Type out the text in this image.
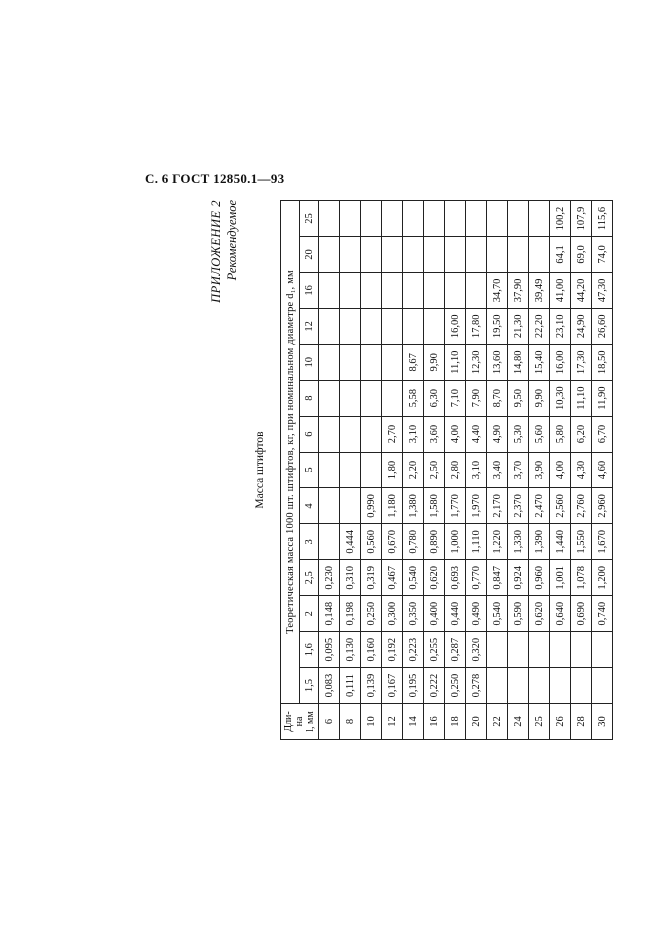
С. 6 ГОСТ 12850.1—93
ПРИЛОЖЕНИЕ 2 Рекомендуемое
Масса штифтов
Дли-
на
l, мм	Теоретическая масса 1000 шт. штифтов, кг, при номинальном диаметре d₁, мм													
	1,5	1,6	2	2,5	3	4	5	6	8	10	12	16	20	25
6	0,083	0,095	0,148	0,230										
8	0,111	0,130	0,198	0,310	0,444									
10	0,139	0,160	0,250	0,319	0,560	0,990								
12	0,167	0,192	0,300	0,467	0,670	1,180	1,80	2,70						
14	0,195	0,223	0,350	0,540	0,780	1,380	2,20	3,10	5,58	8,67				
16	0,222	0,255	0,400	0,620	0,890	1,580	2,50	3,60	6,30	9,90				
18	0,250	0,287	0,440	0,693	1,000	1,770	2,80	4,00	7,10	11,10	16,00			
20	0,278	0,320	0,490	0,770	1,110	1,970	3,10	4,40	7,90	12,30	17,80			
22			0,540	0,847	1,220	2,170	3,40	4,90	8,70	13,60	19,50	34,70		
24			0,590	0,924	1,330	2,370	3,70	5,30	9,50	14,80	21,30	37,90		
25			0,620	0,960	1,390	2,470	3,90	5,60	9,90	15,40	22,20	39,49		
26			0,640	1,001	1,440	2,560	4,00	5,80	10,30	16,00	23,10	41,00	64,1	100,2
28			0,690	1,078	1,550	2,760	4,30	6,20	11,10	17,30	24,90	44,20	69,0	107,9
30			0,740	1,200	1,670	2,960	4,60	6,70	11,90	18,50	26,60	47,30	74,0	115,6
